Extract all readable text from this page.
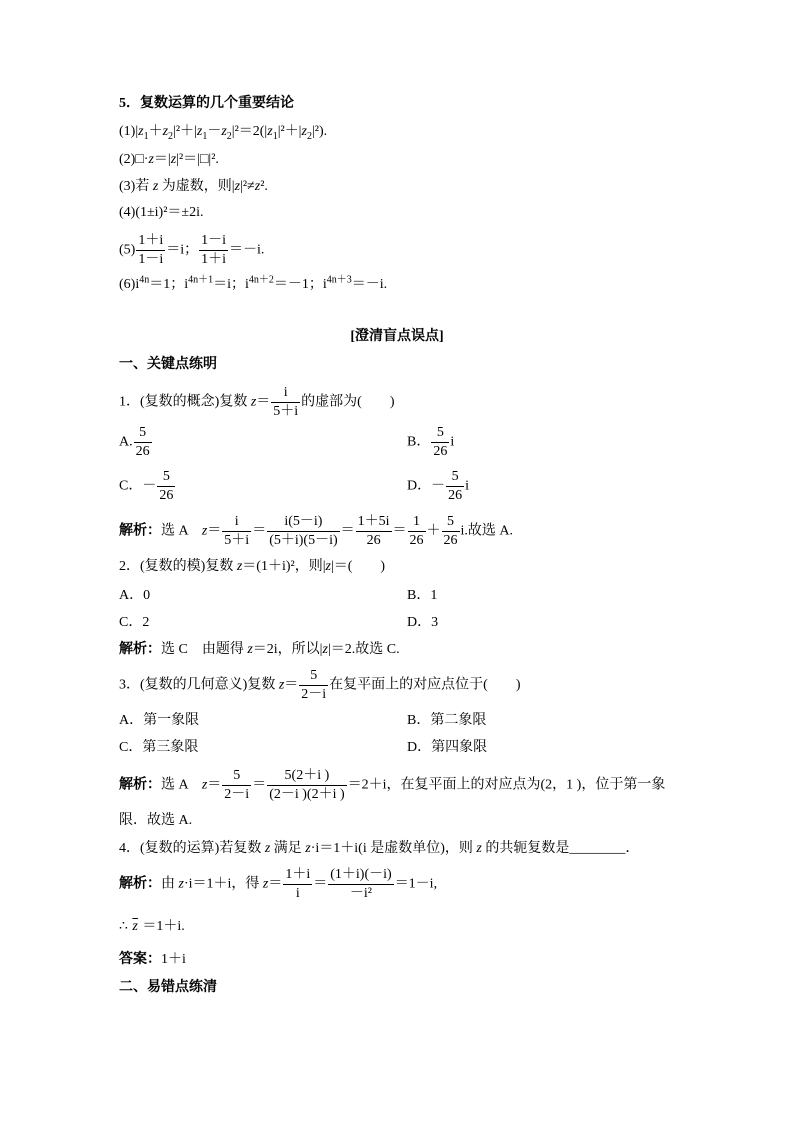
5．复数运算的几个重要结论
$(1)|z_1+z_2|^2+|z_1-z_2|^2=2(|z_1|^2+|z_2|^2)$.
(2)□·z＝|z|²＝|□|².
(3)若 z 为虚数，则|z|²≠z².
(4)(1±i)²＝±2i.
$(5) \frac{1+i}{1-i} =i$； $\frac{1-i}{1+i} =-i$.
$(6)i^{4n}=1$；$i^{4n+1}=i$；$i^{4n+2}=-1$；$i^{4n+3}=-i$.
[澄清盲点误点]
一、关键点练明
1．(复数的概念)复数 $z= \frac{i}{5+i}$ 的虚部为(　　)
A. $\frac{5}{26}$	B． $\frac{5}{26}$ i
C．－ $\frac{5}{26}$	D．－ $\frac{5}{26}$ i
解析：选 A　$z= \frac{i}{5+i} = \frac{i(5-i)}{(5+i)(5-i)} = \frac{1+5i}{26} = \frac{1}{26} + \frac{5}{26} i$.故选 A.
2．(复数的模)复数 z＝(1＋i)²，则|z|＝(　　)
A．0	B．1
C．2	D．3
解析：选 C　由题得 z＝2i，所以|z|＝2.故选 C.
3．(复数的几何意义)复数 $z= \frac{5}{2-i}$ 在复平面上的对应点位于(　　)
A．第一象限	B．第二象限
C．第三象限	D．第四象限
解析：选 A　$z= \frac{5}{2-i} = \frac{5(2+i )}{(2-i )(2+i )} =2+i$，在复平面上的对应点为(2，1 )，位于第一象
限．故选 A.
4．(复数的运算)若复数 z 满足 z·i＝1＋i(i 是虚数单位)，则 z 的共轭复数是________．
解析：由 z·i＝1＋i，得 $z= \frac{1+i}{i} = \frac{(1+i)(-i)}{\text{－i²}} =1-i$,
∴ $\overline{z} =1+i$.
答案：1＋i
二、易错点练清
